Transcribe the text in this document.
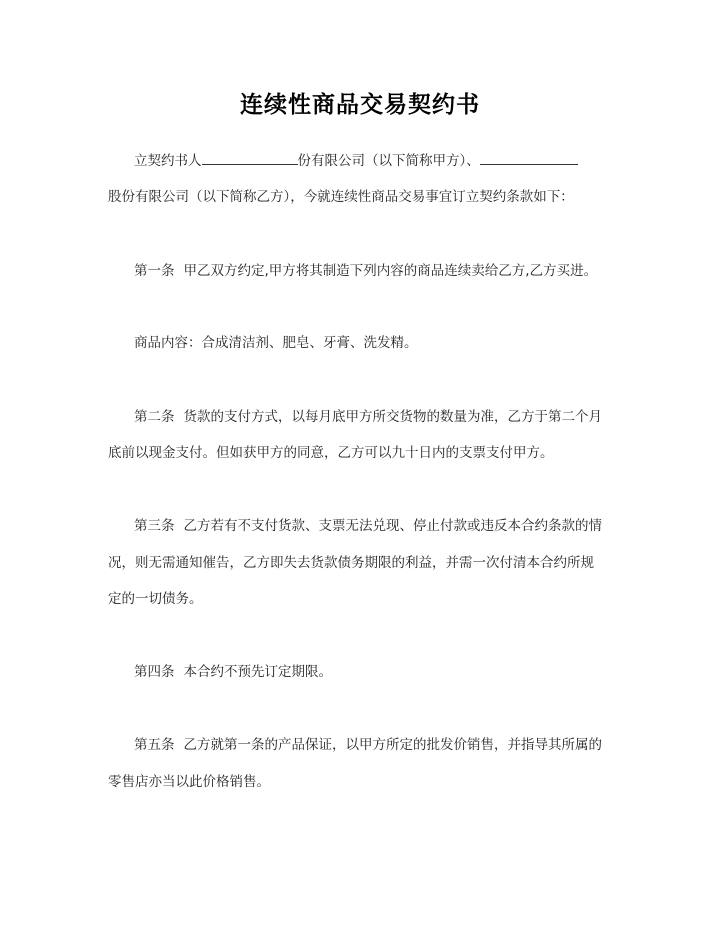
连续性商品交易契约书
立契约书人	份有限公司（以下简称甲方）、
股份有限公司（以下简称乙方），今就连续性商品交易事宜订立契约条款如下：
第一条 甲乙双方约定,甲方将其制造下列内容的商品连续卖给乙方,乙方买进。
商品内容：合成清洁剂、肥皂、牙膏、洗发精。
第二条 货款的支付方式，以每月底甲方所交货物的数量为准，乙方于第二个月
底前以现金支付。但如获甲方的同意，乙方可以九十日内的支票支付甲方。
第三条 乙方若有不支付货款、支票无法兑现、停止付款或违反本合约条款的情
况，则无需通知催告，乙方即失去货款债务期限的利益，并需一次付清本合约所规
定的一切债务。
第四条 本合约不预先订定期限。
第五条 乙方就第一条的产品保证，以甲方所定的批发价销售，并指导其所属的
零售店亦当以此价格销售。
